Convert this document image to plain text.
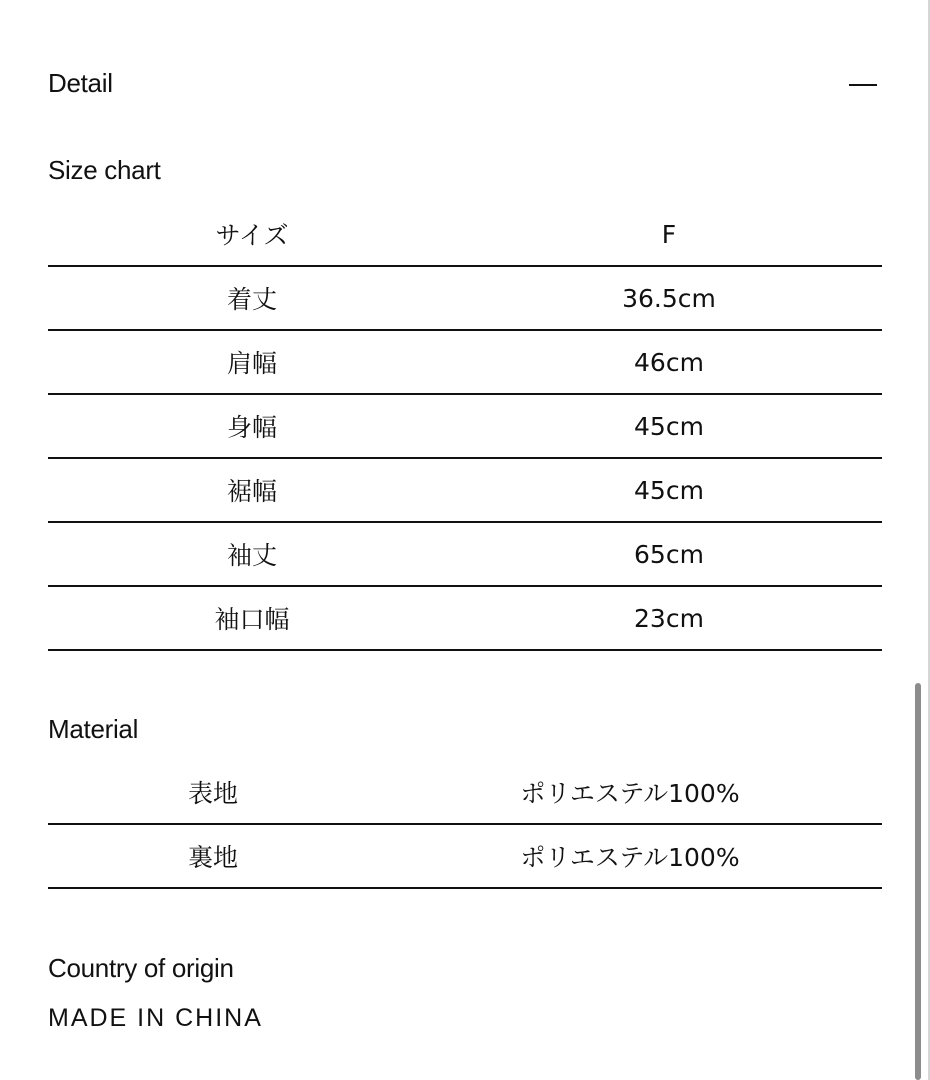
Detail
Size chart
サイズ	F
着丈	36.5cm
肩幅	46cm
身幅	45cm
裾幅	45cm
袖丈	65cm
袖口幅	23cm
Material
表地	ポリエステル100%
裏地	ポリエステル100%
Country of origin
MADE IN CHINA
